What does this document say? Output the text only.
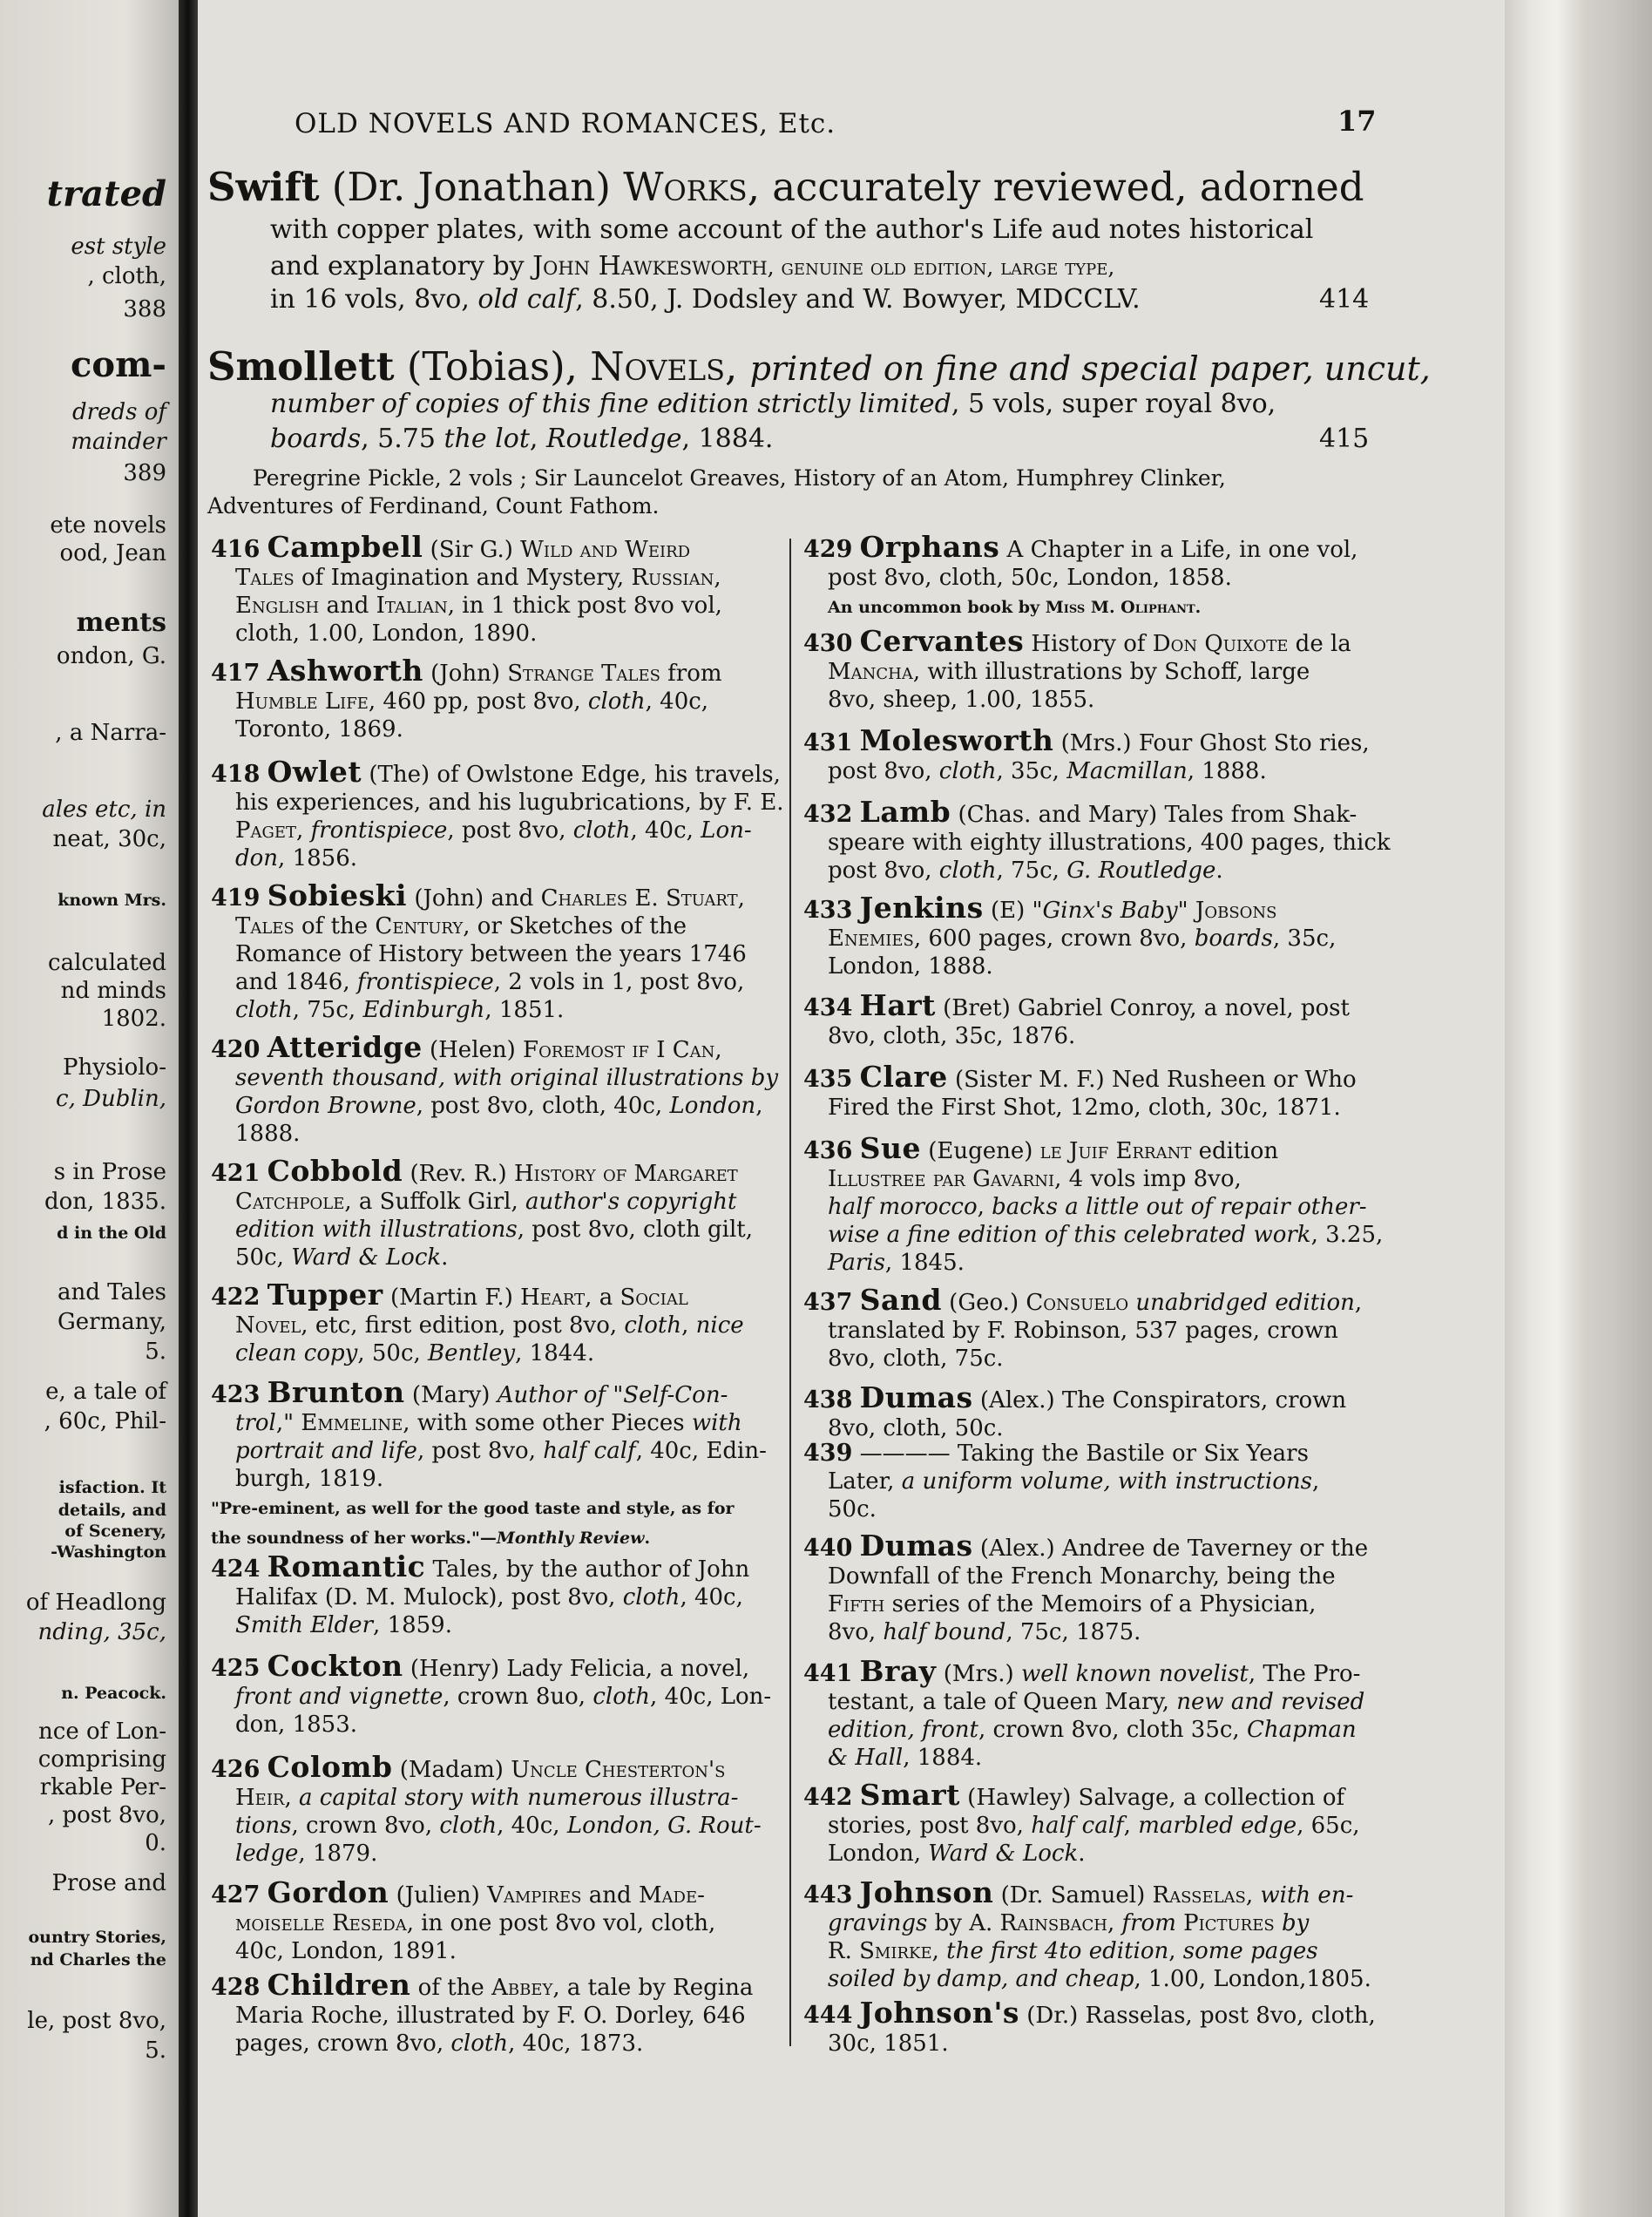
trated
est style
, cloth,
388
com-
dreds of
mainder
389
ete novels
ood, Jean
ments
ondon, G.
, a Narra-
ales etc, in
neat, 30c,
known Mrs.
calculated
nd minds
1802.
Physiolo-
c, Dublin,
s in Prose
don, 1835.
d in the Old
and Tales
Germany,
5.
e, a tale of
, 60c, Phil-
isfaction. It
details, and
of Scenery,
-Washington
of Headlong
nding, 35c,
n. Peacock.
nce of Lon-
comprising
rkable Per-
, post 8vo,
0.
Prose and
ountry Stories,
nd Charles the
le, post 8vo,
5.
OLD NOVELS AND ROMANCES, Etc.	17
Swift (Dr. Jonathan) Works, accurately reviewed, adorned
with copper plates, with some account of the author's Life aud notes historical
and explanatory by John Hawkesworth, genuine old edition, large type,
in 16 vols, 8vo, old calf, 8.50, J. Dodsley and W. Bowyer, MDCCLV.	414
Smollett (Tobias), Novels, printed on fine and special paper, uncut,
number of copies of this fine edition strictly limited, 5 vols, super royal 8vo,
boards, 5.75 the lot, Routledge, 1884.	415
Peregrine Pickle, 2 vols ; Sir Launcelot Greaves, History of an Atom, Humphrey Clinker,
Adventures of Ferdinand, Count Fathom.
416 Campbell (Sir G.) Wild and Weird
Tales of Imagination and Mystery, Russian,
English and Italian, in 1 thick post 8vo vol,
cloth, 1.00, London, 1890.
417 Ashworth (John) Strange Tales from
Humble Life, 460 pp, post 8vo, cloth, 40c,
Toronto, 1869.
418 Owlet (The) of Owlstone Edge, his travels,
his experiences, and his lugubrications, by F. E.
Paget, frontispiece, post 8vo, cloth, 40c, Lon-
don, 1856.
419 Sobieski (John) and Charles E. Stuart,
Tales of the Century, or Sketches of the
Romance of History between the years 1746
and 1846, frontispiece, 2 vols in 1, post 8vo,
cloth, 75c, Edinburgh, 1851.
420 Atteridge (Helen) Foremost if I Can,
seventh thousand, with original illustrations by
Gordon Browne, post 8vo, cloth, 40c, London,
1888.
421 Cobbold (Rev. R.) History of Margaret
Catchpole, a Suffolk Girl, author's copyright
edition with illustrations, post 8vo, cloth gilt,
50c, Ward & Lock.
422 Tupper (Martin F.) Heart, a Social
Novel, etc, first edition, post 8vo, cloth, nice
clean copy, 50c, Bentley, 1844.
423 Brunton (Mary) Author of "Self-Con-
trol," Emmeline, with some other Pieces with
portrait and life, post 8vo, half calf, 40c, Edin-
burgh, 1819.
"Pre-eminent, as well for the good taste and style, as for
the soundness of her works."—Monthly Review.
424 Romantic Tales, by the author of John
Halifax (D. M. Mulock), post 8vo, cloth, 40c,
Smith Elder, 1859.
425 Cockton (Henry) Lady Felicia, a novel,
front and vignette, crown 8uo, cloth, 40c, Lon-
don, 1853.
426 Colomb (Madam) Uncle Chesterton's
Heir, a capital story with numerous illustra-
tions, crown 8vo, cloth, 40c, London, G. Rout-
ledge, 1879.
427 Gordon (Julien) Vampires and Made-
moiselle Reseda, in one post 8vo vol, cloth,
40c, London, 1891.
428 Children of the Abbey, a tale by Regina
Maria Roche, illustrated by F. O. Dorley, 646
pages, crown 8vo, cloth, 40c, 1873.
429 Orphans A Chapter in a Life, in one vol,
post 8vo, cloth, 50c, London, 1858.
An uncommon book by Miss M. Oliphant.
430 Cervantes History of Don Quixote de la
Mancha, with illustrations by Schoff, large
8vo, sheep, 1.00, 1855.
431 Molesworth (Mrs.) Four Ghost Sto ries,
post 8vo, cloth, 35c, Macmillan, 1888.
432 Lamb (Chas. and Mary) Tales from Shak-
speare with eighty illustrations, 400 pages, thick
post 8vo, cloth, 75c, G. Routledge.
433 Jenkins (E) "Ginx's Baby" Jobsons
Enemies, 600 pages, crown 8vo, boards, 35c,
London, 1888.
434 Hart (Bret) Gabriel Conroy, a novel, post
8vo, cloth, 35c, 1876.
435 Clare (Sister M. F.) Ned Rusheen or Who
Fired the First Shot, 12mo, cloth, 30c, 1871.
436 Sue (Eugene) le Juif Errant edition
Illustree par Gavarni, 4 vols imp 8vo,
half morocco, backs a little out of repair other-
wise a fine edition of this celebrated work, 3.25,
Paris, 1845.
437 Sand (Geo.) Consuelo unabridged edition,
translated by F. Robinson, 537 pages, crown
8vo, cloth, 75c.
438 Dumas (Alex.) The Conspirators, crown
8vo, cloth, 50c.
439 ———— Taking the Bastile or Six Years
Later, a uniform volume, with instructions,
50c.
440 Dumas (Alex.) Andree de Taverney or the
Downfall of the French Monarchy, being the
Fifth series of the Memoirs of a Physician,
8vo, half bound, 75c, 1875.
441 Bray (Mrs.) well known novelist, The Pro-
testant, a tale of Queen Mary, new and revised
edition, front, crown 8vo, cloth 35c, Chapman
& Hall, 1884.
442 Smart (Hawley) Salvage, a collection of
stories, post 8vo, half calf, marbled edge, 65c,
London, Ward & Lock.
443 Johnson (Dr. Samuel) Rasselas, with en-
gravings by A. Rainsbach, from Pictures by
R. Smirke, the first 4to edition, some pages
soiled by damp, and cheap, 1.00, London,1805.
444 Johnson's (Dr.) Rasselas, post 8vo, cloth,
30c, 1851.
